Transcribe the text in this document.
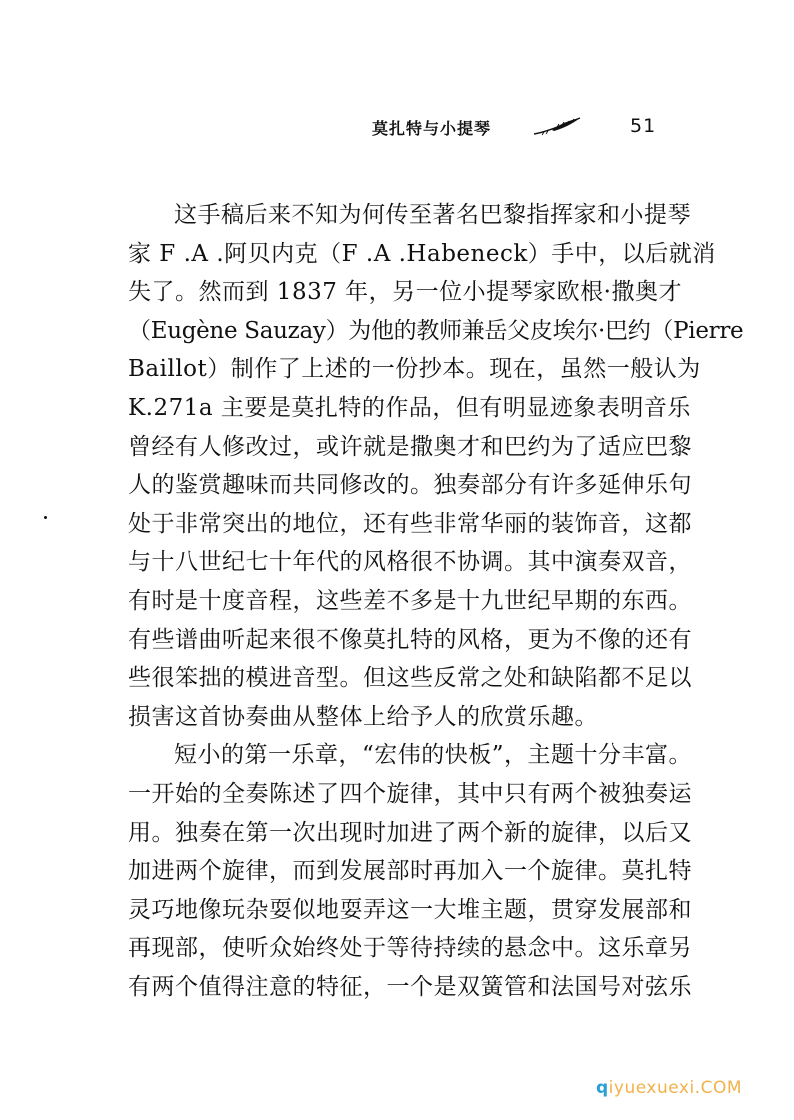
莫扎特与小提琴	51
这手稿后来不知为何传至著名巴黎指挥家和小提琴
家 F .A .阿贝内克（F .A .Habeneck）手中，以后就消
失了。然而到 1837 年，另一位小提琴家欧根·撒奥才
（Eugène Sauzay）为他的教师兼岳父皮埃尔·巴约（Pierre
Baillot）制作了上述的一份抄本。现在，虽然一般认为
K.271a 主要是莫扎特的作品，但有明显迹象表明音乐
曾经有人修改过，或许就是撒奥才和巴约为了适应巴黎
人的鉴赏趣味而共同修改的。独奏部分有许多延伸乐句
处于非常突出的地位，还有些非常华丽的装饰音，这都
与十八世纪七十年代的风格很不协调。其中演奏双音，
有时是十度音程，这些差不多是十九世纪早期的东西。
有些谱曲听起来很不像莫扎特的风格，更为不像的还有
些很笨拙的模进音型。但这些反常之处和缺陷都不足以
损害这首协奏曲从整体上给予人的欣赏乐趣。
短小的第一乐章，“宏伟的快板”，主题十分丰富。
一开始的全奏陈述了四个旋律，其中只有两个被独奏运
用。独奏在第一次出现时加进了两个新的旋律，以后又
加进两个旋律，而到发展部时再加入一个旋律。莫扎特
灵巧地像玩杂耍似地耍弄这一大堆主题，贯穿发展部和
再现部，使听众始终处于等待持续的悬念中。这乐章另
有两个值得注意的特征，一个是双簧管和法国号对弦乐
qiyuexuexi.COM
